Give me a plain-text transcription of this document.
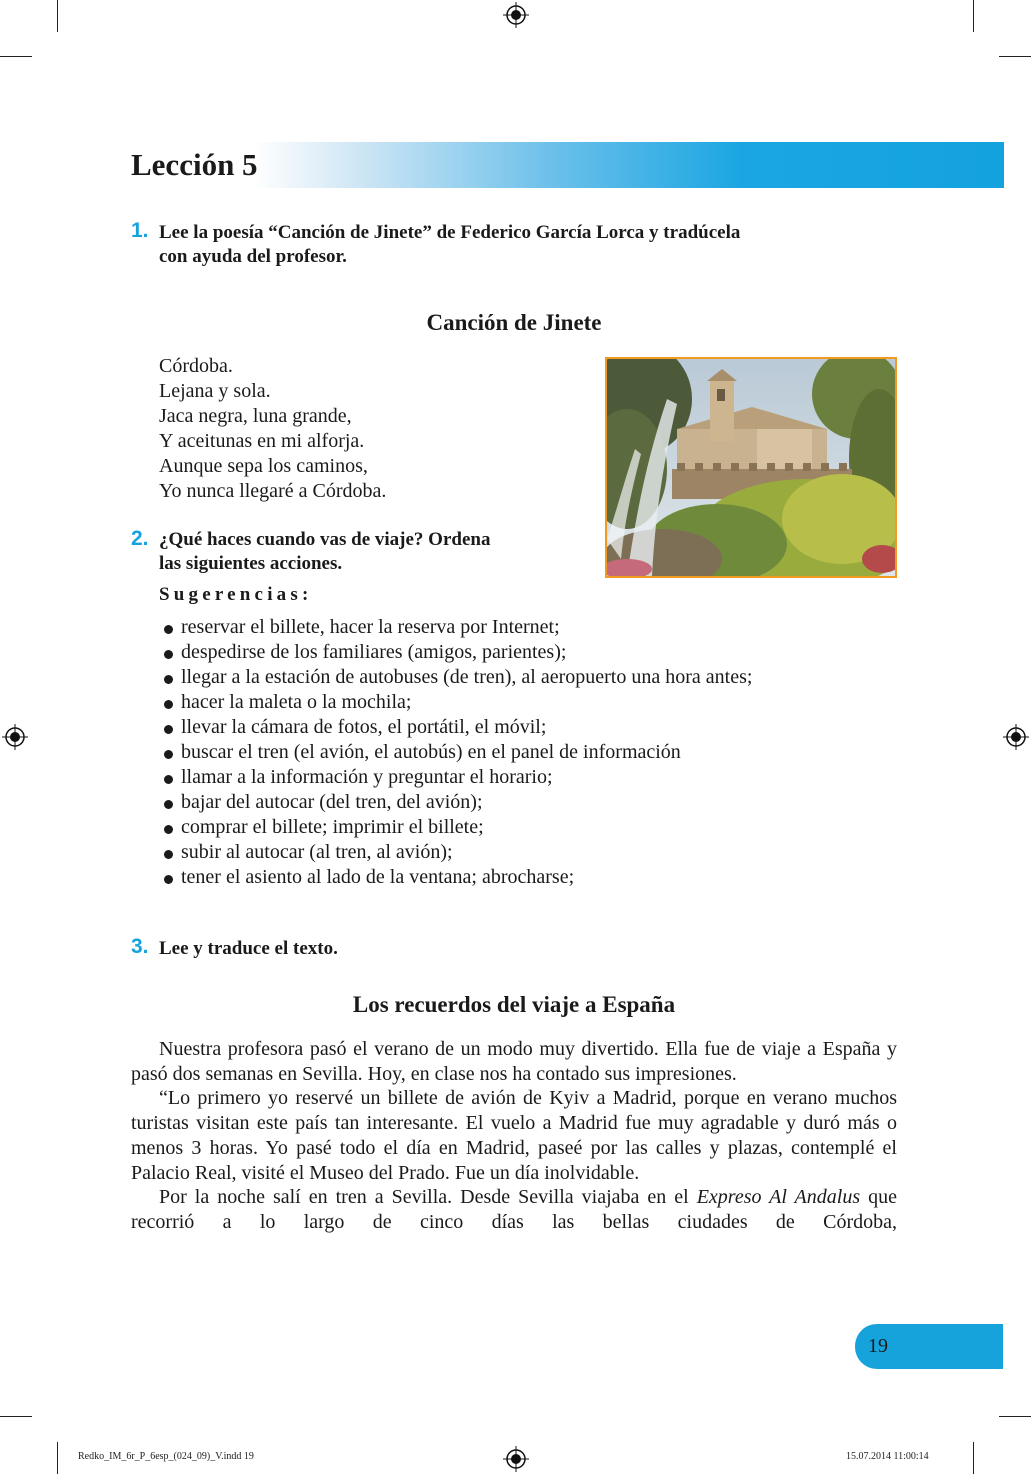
Lección 5
1. Lee la poesía “Canción de Jinete” de Federico García Lorca y tradúcela
con ayuda del profesor.
Canción de Jinete
Córdoba.
Lejana y sola.
Jaca negra, luna grande,
Y aceitunas en mi alforja.
Aunque sepa los caminos,
Yo nunca llegaré a Córdoba.
2. ¿Qué haces cuando vas de viaje? Ordena
las siguientes acciones.
Sugerencias:
reservar el billete, hacer la reserva por Internet;
despedirse de los familiares (amigos, parientes);
llegar a la estación de autobuses (de tren), al aeropuerto una hora antes;
hacer la maleta o la mochila;
llevar la cámara de fotos, el portátil, el móvil;
buscar el tren (el avión, el autobús) en el panel de información
llamar a la información y preguntar el horario;
bajar del autocar (del tren, del avión);
comprar el billete; imprimir el billete;
subir al autocar (al tren, al avión);
tener el asiento al lado de la ventana; abrocharse;
3. Lee y traduce el texto.
Los recuerdos del viaje a España

Nuestra profesora pasó el verano de un modo muy divertido. Ella fue de viaje a España y pasó dos semanas en Sevilla. Hoy, en clase nos ha contado sus impresiones.

“Lo primero yo reservé un billete de avión de Kyiv a Madrid, porque en verano muchos turistas visitan este país tan interesante. El vuelo a Madrid fue muy agradable y duró más o menos 3 horas. Yo pasé todo el día en Madrid, paseé por las calles y plazas, contemplé el Palacio Real, visité el Museo del Prado. Fue un día inolvidable.

Por la noche salí en tren a Sevilla. Desde Sevilla viajaba en el Expreso Al Andalus que recorrió a lo largo de cinco días las bellas ciudades de Córdoba,

19
Redko_IM_6r_P_6esp_(024_09)_V.indd 19	15.07.2014 11:00:14
